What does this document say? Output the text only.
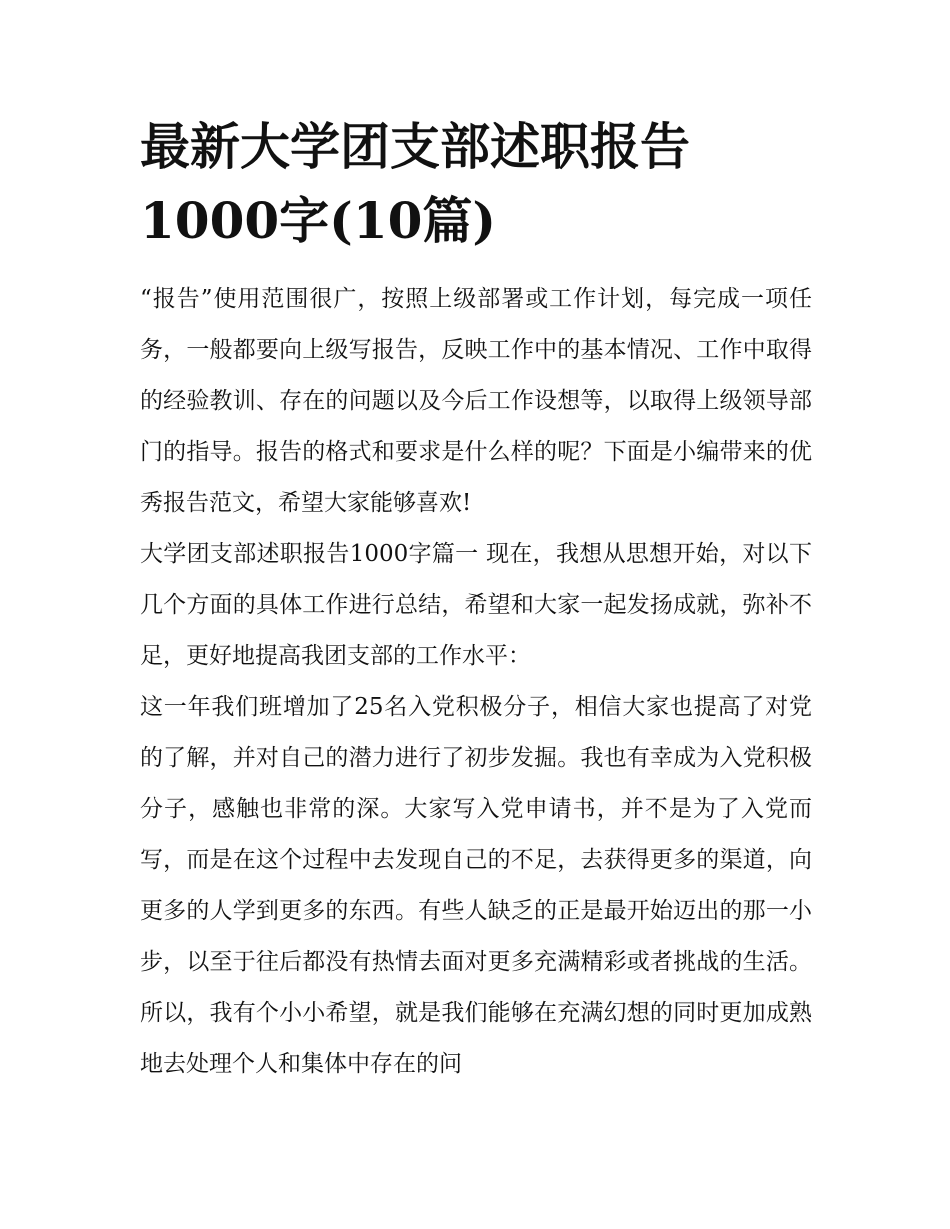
最新大学团支部述职报告1000字(10篇)

“报告”使用范围很广，按照上级部署或工作计划，每完成一项任务，一般都要向上级写报告，反映工作中的基本情况、工作中取得的经验教训、存在的问题以及今后工作设想等，以取得上级领导部门的指导。报告的格式和要求是什么样的呢？下面是小编带来的优秀报告范文，希望大家能够喜欢!

大学团支部述职报告1000字篇一 现在，我想从思想开始，对以下几个方面的具体工作进行总结，希望和大家一起发扬成就，弥补不足，更好地提高我团支部的工作水平：

这一年我们班增加了25名入党积极分子，相信大家也提高了对党的了解，并对自己的潜力进行了初步发掘。我也有幸成为入党积极分子，感触也非常的深。大家写入党申请书，并不是为了入党而写，而是在这个过程中去发现自己的不足，去获得更多的渠道，向更多的人学到更多的东西。有些人缺乏的正是最开始迈出的那一小步，以至于往后都没有热情去面对更多充满精彩或者挑战的生活。所以，我有个小小希望，就是我们能够在充满幻想的同时更加成熟地去处理个人和集体中存在的问
